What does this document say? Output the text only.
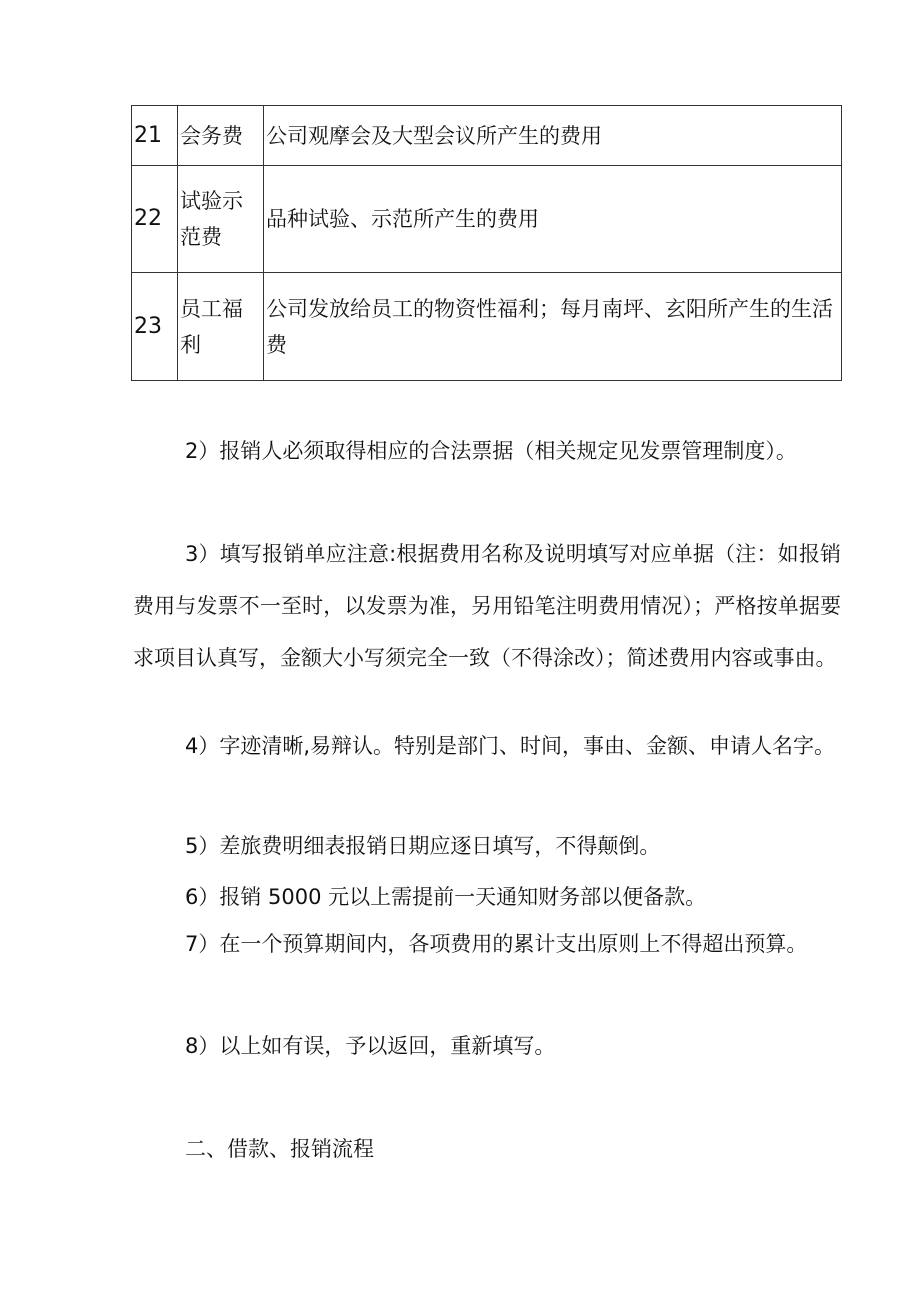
21	会务费	公司观摩会及大型会议所产生的费用

22	试验示范费	品种试验、示范所产生的费用

23	员工福利	公司发放给员工的物资性福利；每月南坪、玄阳所产生的生活费

2）报销人必须取得相应的合法票据（相关规定见发票管理制度）。

3）填写报销单应注意:根据费用名称及说明填写对应单据（注：如报销费用与发票不一至时，以发票为准，另用铅笔注明费用情况）；严格按单据要求项目认真写，金额大小写须完全一致（不得涂改）；简述费用内容或事由。

4）字迹清晰,易辩认。特别是部门、时间，事由、金额、申请人名字。

5）差旅费明细表报销日期应逐日填写，不得颠倒。

6）报销 5000 元以上需提前一天通知财务部以便备款。

7）在一个预算期间内，各项费用的累计支出原则上不得超出预算。

8）以上如有误，予以返回，重新填写。

二、借款、报销流程
